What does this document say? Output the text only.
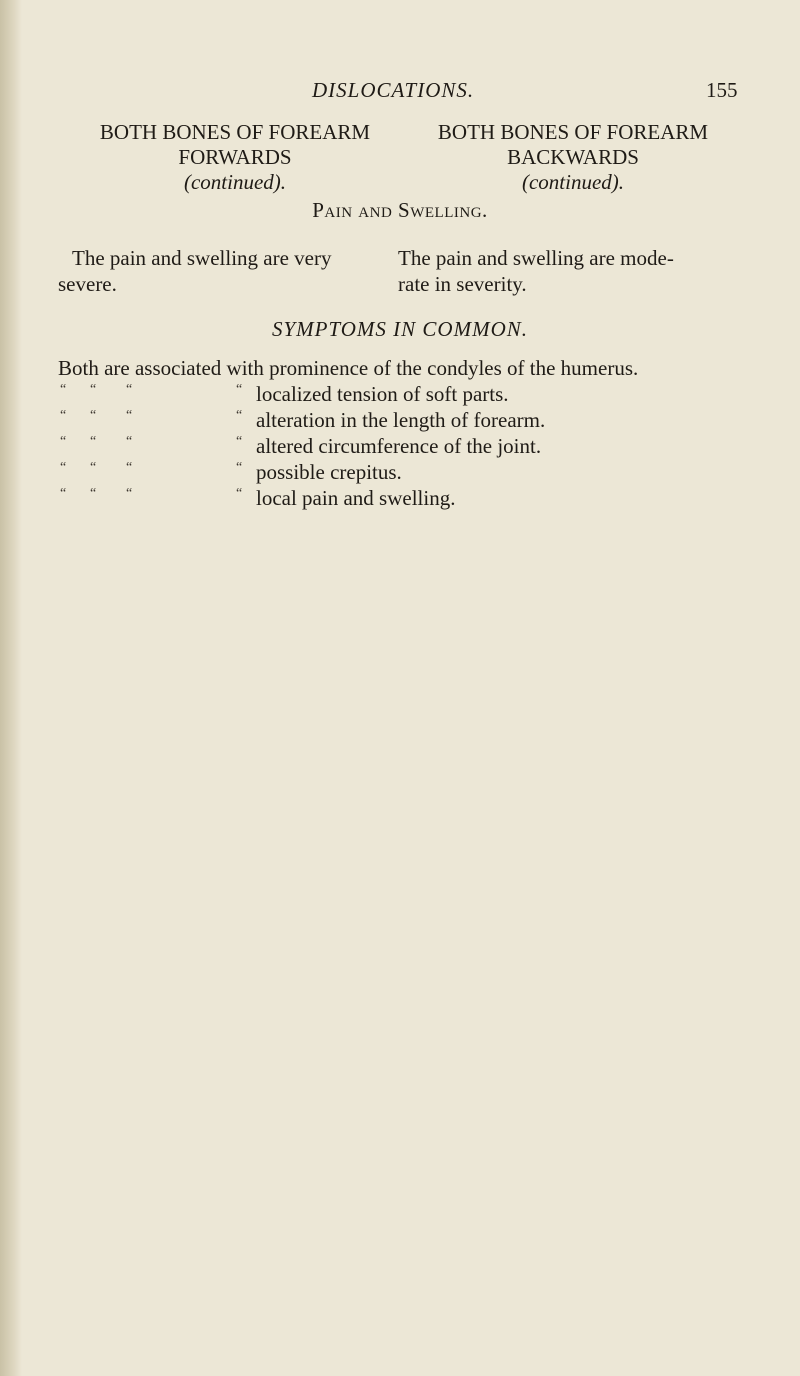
DISLOCATIONS.	155
BOTH BONES OF FOREARM
FORWARDS
(continued).
BOTH BONES OF FOREARM
BACKWARDS
(continued).
Pain and Swelling.
The pain and swelling are very
severe.
The pain and swelling are mode-
rate in severity.
SYMPTOMS IN COMMON.
Both are associated with prominence of the condyles of the humerus.
“ “ “	“ localized tension of soft parts.
“ “ “	“ alteration in the length of forearm.
“ “ “	“ altered circumference of the joint.
“ “ “	“ possible crepitus.
“ “ “	“ local pain and swelling.
